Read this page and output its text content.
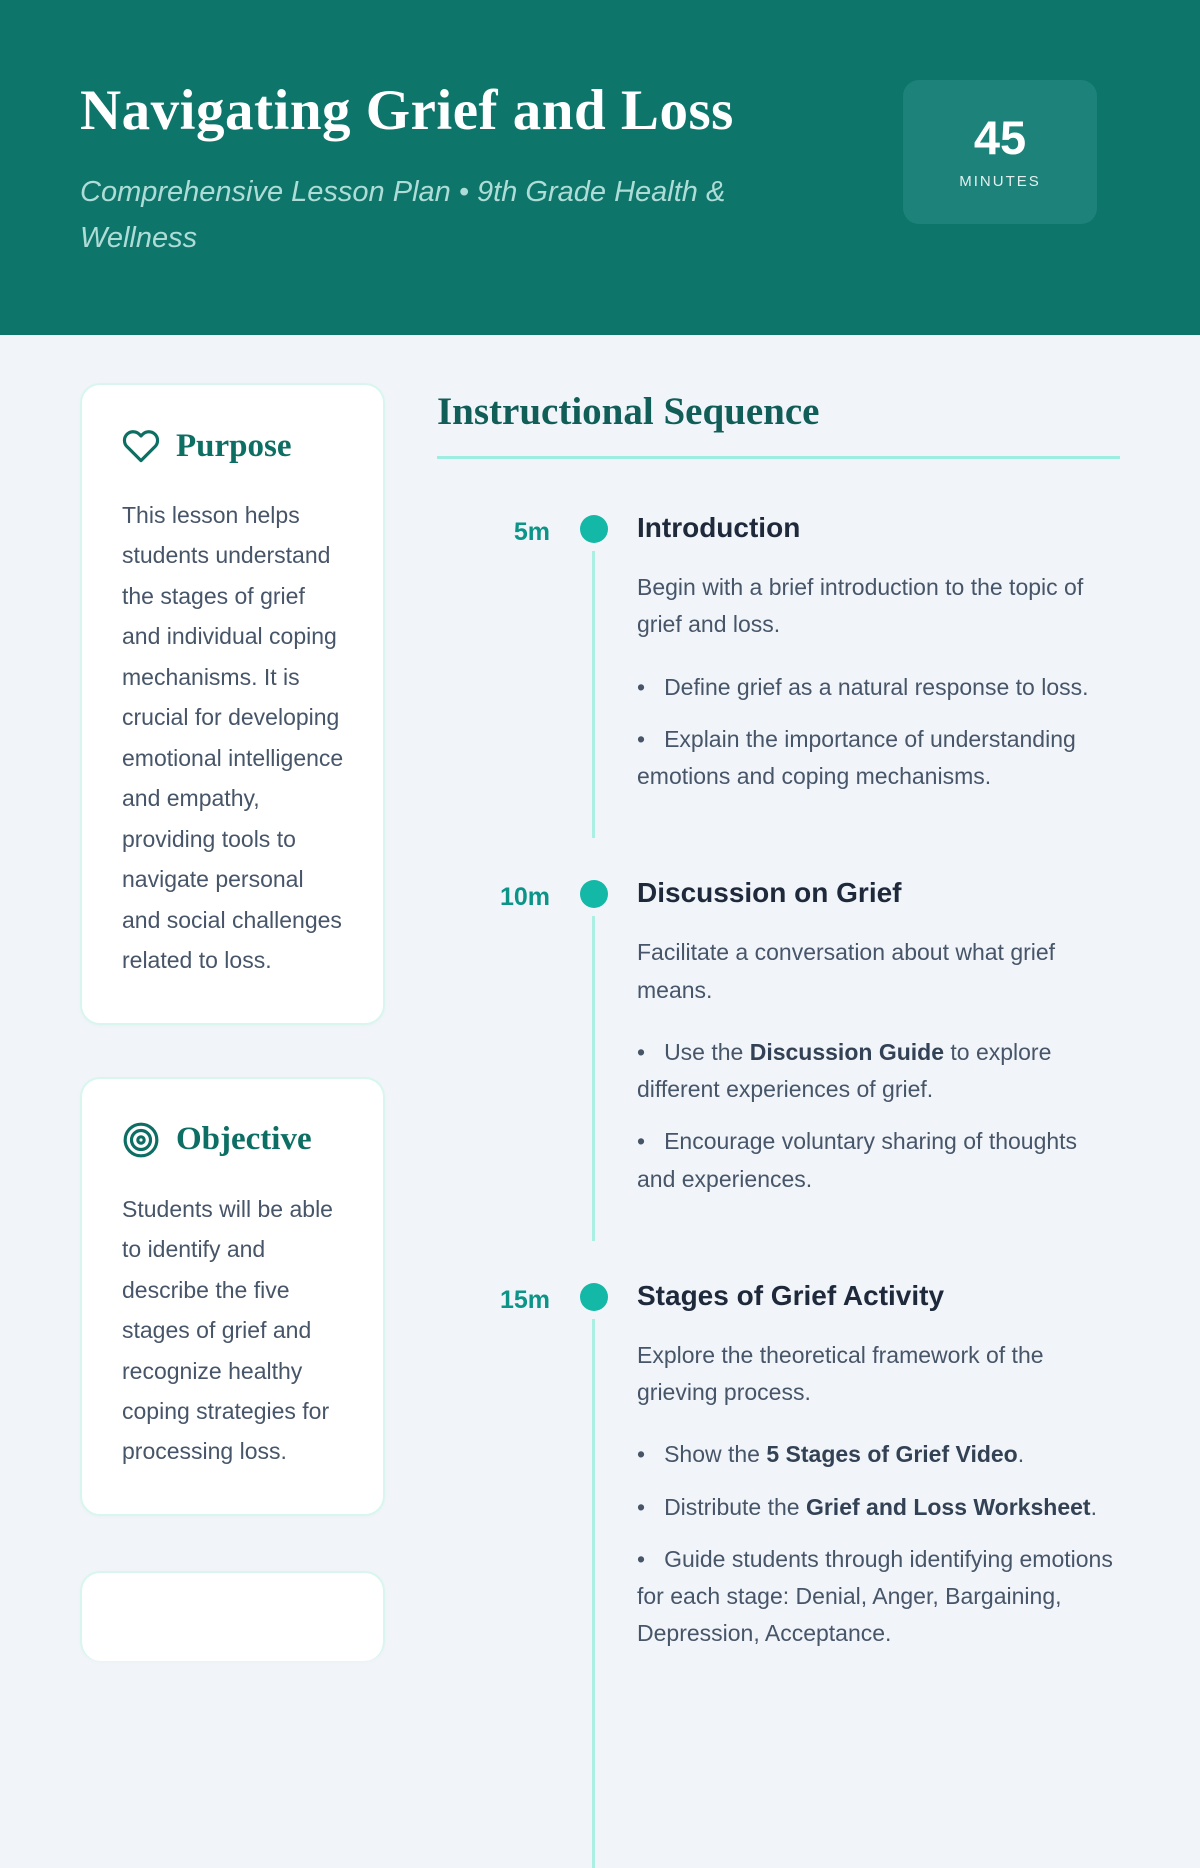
Navigating Grief and Loss
Comprehensive Lesson Plan • 9th Grade Health & Wellness
45
MINUTES
Purpose

This lesson helps students understand the stages of grief and individual coping mechanisms. It is crucial for developing emotional intelligence and empathy, providing tools to navigate personal and social challenges related to loss.

Objective

Students will be able to identify and describe the five stages of grief and recognize healthy coping strategies for processing loss.

Instructional Sequence
5m	Introduction

Begin with a brief introduction to the topic of grief and loss.

• Define grief as a natural response to loss.
• Explain the importance of understanding emotions and coping mechanisms.
10m	Discussion on Grief

Facilitate a conversation about what grief means.

• Use the Discussion Guide to explore different experiences of grief.
• Encourage voluntary sharing of thoughts and experiences.
15m	Stages of Grief Activity

Explore the theoretical framework of the grieving process.

• Show the 5 Stages of Grief Video.
• Distribute the Grief and Loss Worksheet.
• Guide students through identifying emotions for each stage: Denial, Anger, Bargaining, Depression, Acceptance.
